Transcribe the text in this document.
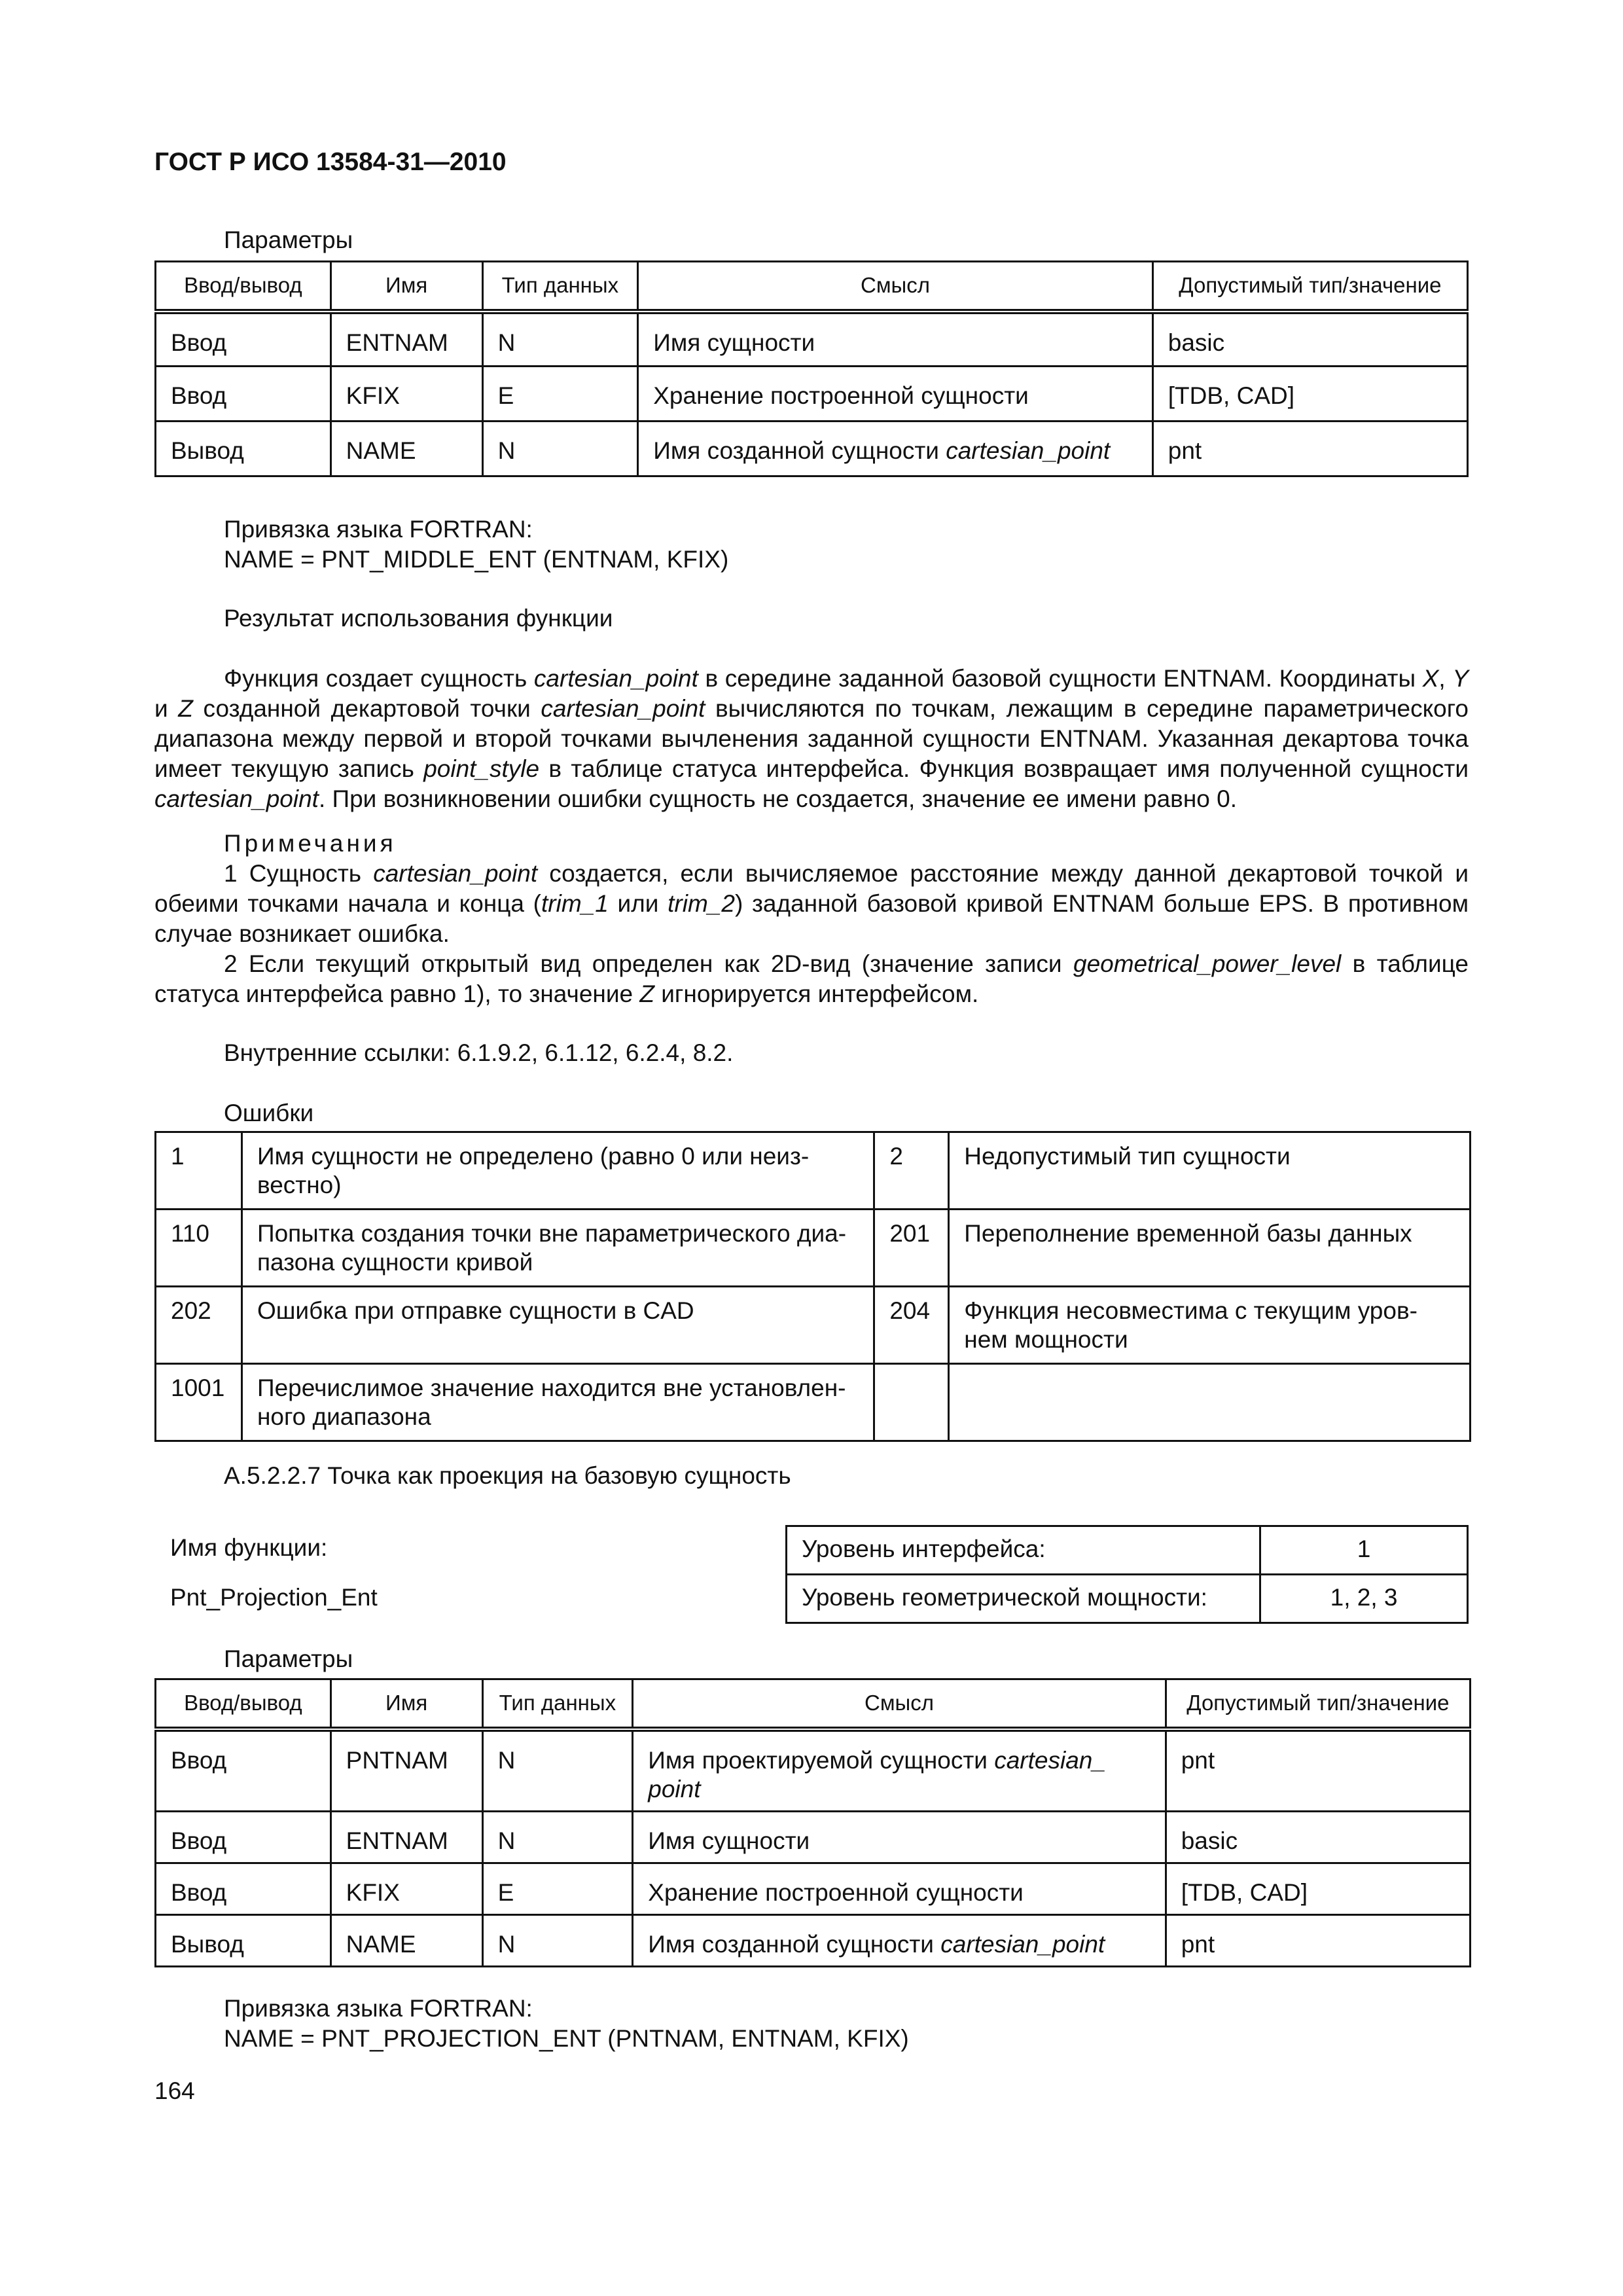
ГОСТ Р ИСО 13584-31—2010
Параметры
Ввод/вывод	Имя	Тип данных	Смысл	Допустимый тип/значение
Ввод	ENTNAM	N	Имя сущности	basic
Ввод	KFIX	E	Хранение построенной сущности	[TDB, CAD]
Вывод	NAME	N	Имя созданной сущности cartesian_point	pnt
Привязка языка FORTRAN:
NAME = PNT_MIDDLE_ENT (ENTNAM, KFIX)
Результат использования функции
Функция создает сущность cartesian_point в середине заданной базовой сущности ENTNAM. Координаты X, Y и Z созданной декартовой точки cartesian_point вычисляются по точкам, лежащим в середине параметрического диапазона между первой и второй точками вычленения заданной сущности ENTNAM. Указанная декартова точка имеет текущую запись point_style в таблице статуса интерфейса. Функция возвращает имя полученной сущности cartesian_point. При возникновении ошибки сущность не создается, значение ее имени равно 0.
Примечания
1 Сущность cartesian_point создается, если вычисляемое расстояние между данной декартовой точкой и обеими точками начала и конца (trim_1 или trim_2) заданной базовой кривой ENTNAM больше EPS. В противном случае возникает ошибка.
2 Если текущий открытый вид определен как 2D-вид (значение записи geometrical_power_level в таблице статуса интерфейса равно 1), то значение Z игнорируется интерфейсом.
Внутренние ссылки: 6.1.9.2, 6.1.12, 6.2.4, 8.2.
Ошибки
1	Имя сущности не определено (равно 0 или неиз-вестно)	2	Недопустимый тип сущности
110	Попытка создания точки вне параметрического диа-пазона сущности кривой	201	Переполнение временной базы данных
202	Ошибка при отправке сущности в CAD	204	Функция несовместима с текущим уров-нем мощности
1001	Перечислимое значение находится вне установлен-ного диапазона		
А.5.2.2.7 Точка как проекция на базовую сущность
Имя функции:
Pnt_Projection_Ent
Уровень интерфейса:	1
Уровень геометрической мощности:	1, 2, 3
Параметры
Ввод/вывод	Имя	Тип данных	Смысл	Допустимый тип/значение
Ввод	PNTNAM	N	Имя проектируемой сущности cartesian_ point	pnt
Ввод	ENTNAM	N	Имя сущности	basic
Ввод	KFIX	E	Хранение построенной сущности	[TDB, CAD]
Вывод	NAME	N	Имя созданной сущности cartesian_point	pnt
Привязка языка FORTRAN:
NAME = PNT_PROJECTION_ENT (PNTNAM, ENTNAM, KFIX)
164
